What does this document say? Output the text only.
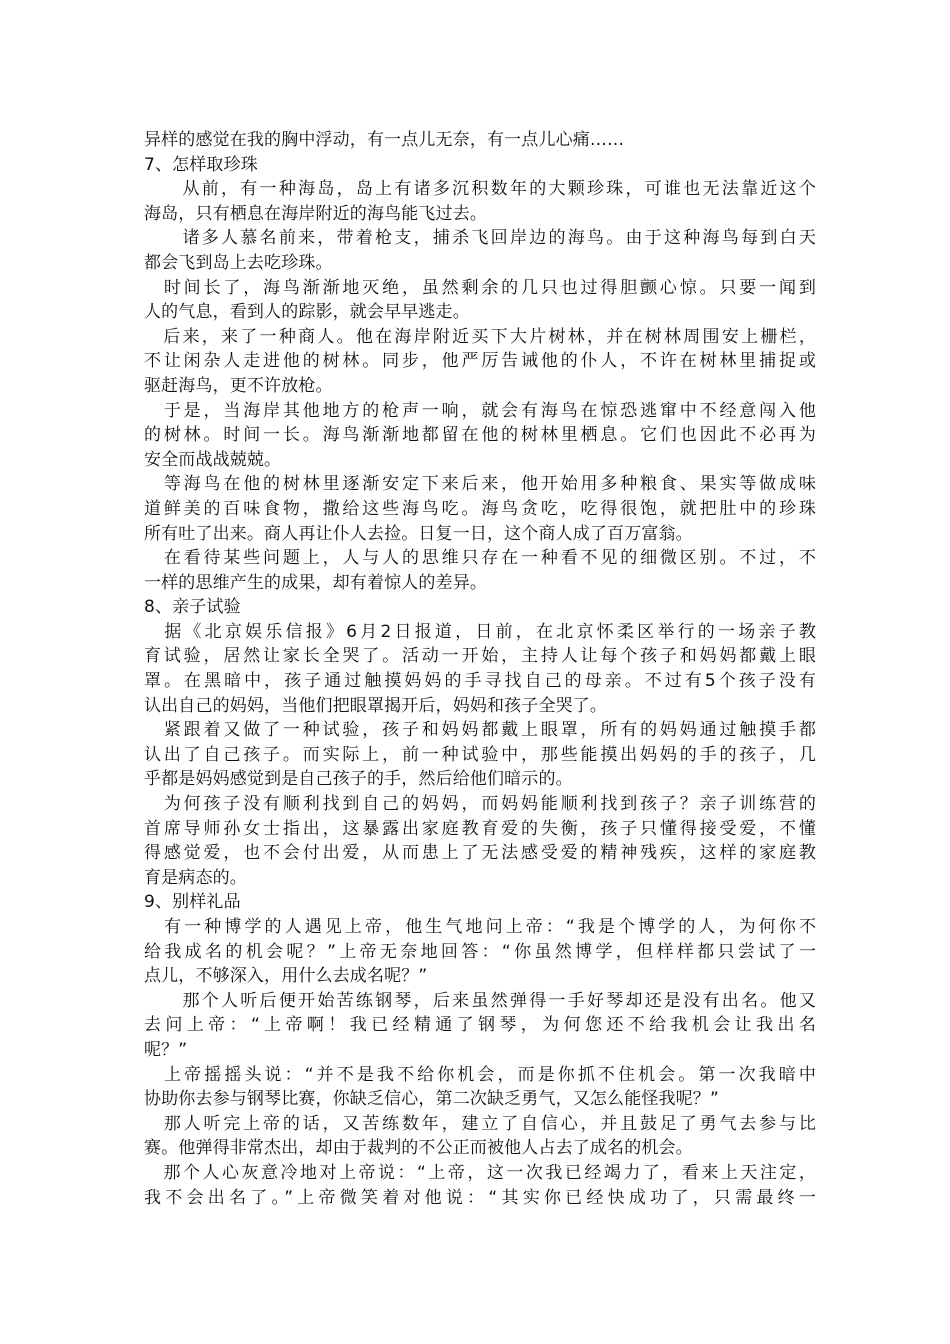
异样的感觉在我的胸中浮动，有一点儿无奈，有一点儿心痛……
7、怎样取珍珠
　　从前，有一种海岛，岛上有诸多沉积数年的大颗珍珠，可谁也无法靠近这个
海岛，只有栖息在海岸附近的海鸟能飞过去。
　　诸多人慕名前来，带着枪支，捕杀飞回岸边的海鸟。由于这种海鸟每到白天
都会飞到岛上去吃珍珠。
　时间长了，海鸟渐渐地灭绝，虽然剩余的几只也过得胆颤心惊。只要一闻到
人的气息，看到人的踪影，就会早早逃走。
　后来，来了一种商人。他在海岸附近买下大片树林，并在树林周围安上栅栏，
不让闲杂人走进他的树林。同步，他严厉告诫他的仆人，不许在树林里捕捉或
驱赶海鸟，更不许放枪。
　于是，当海岸其他地方的枪声一响，就会有海鸟在惊恐逃窜中不经意闯入他
的树林。时间一长。海鸟渐渐地都留在他的树林里栖息。它们也因此不必再为
安全而战战兢兢。
　等海鸟在他的树林里逐渐安定下来后来，他开始用多种粮食、果实等做成味
道鲜美的百味食物，撒给这些海鸟吃。海鸟贪吃，吃得很饱，就把肚中的珍珠
所有吐了出来。商人再让仆人去捡。日复一日，这个商人成了百万富翁。
　在看待某些问题上，人与人的思维只存在一种看不见的细微区别。不过，不
一样的思维产生的成果，却有着惊人的差异。
8、亲子试验
　据《北京娱乐信报》6月2日报道，日前，在北京怀柔区举行的一场亲子教
育试验，居然让家长全哭了。活动一开始，主持人让每个孩子和妈妈都戴上眼
罩。在黑暗中，孩子通过触摸妈妈的手寻找自己的母亲。不过有5个孩子没有
认出自己的妈妈，当他们把眼罩揭开后，妈妈和孩子全哭了。
　紧跟着又做了一种试验，孩子和妈妈都戴上眼罩，所有的妈妈通过触摸手都
认出了自己孩子。而实际上，前一种试验中，那些能摸出妈妈的手的孩子，几
乎都是妈妈感觉到是自己孩子的手，然后给他们暗示的。
　为何孩子没有顺利找到自己的妈妈，而妈妈能顺利找到孩子？亲子训练营的
首席导师孙女士指出，这暴露出家庭教育爱的失衡，孩子只懂得接受爱，不懂
得感觉爱，也不会付出爱，从而患上了无法感受爱的精神残疾，这样的家庭教
育是病态的。
9、别样礼品
　有一种博学的人遇见上帝，他生气地问上帝：“我是个博学的人，为何你不
给我成名的机会呢？”上帝无奈地回答：“你虽然博学，但样样都只尝试了一
点儿，不够深入，用什么去成名呢？”
　　那个人听后便开始苦练钢琴，后来虽然弹得一手好琴却还是没有出名。他又
去问上帝：“上帝啊！我已经精通了钢琴，为何您还不给我机会让我出名
呢？”
　上帝摇摇头说：“并不是我不给你机会，而是你抓不住机会。第一次我暗中
协助你去参与钢琴比赛，你缺乏信心，第二次缺乏勇气，又怎么能怪我呢？”
　那人听完上帝的话，又苦练数年，建立了自信心，并且鼓足了勇气去参与比
赛。他弹得非常杰出，却由于裁判的不公正而被他人占去了成名的机会。
　那个人心灰意冷地对上帝说：“上帝，这一次我已经竭力了，看来上天注定，
我不会出名了。”上帝微笑着对他说：“其实你已经快成功了，只需最终一
